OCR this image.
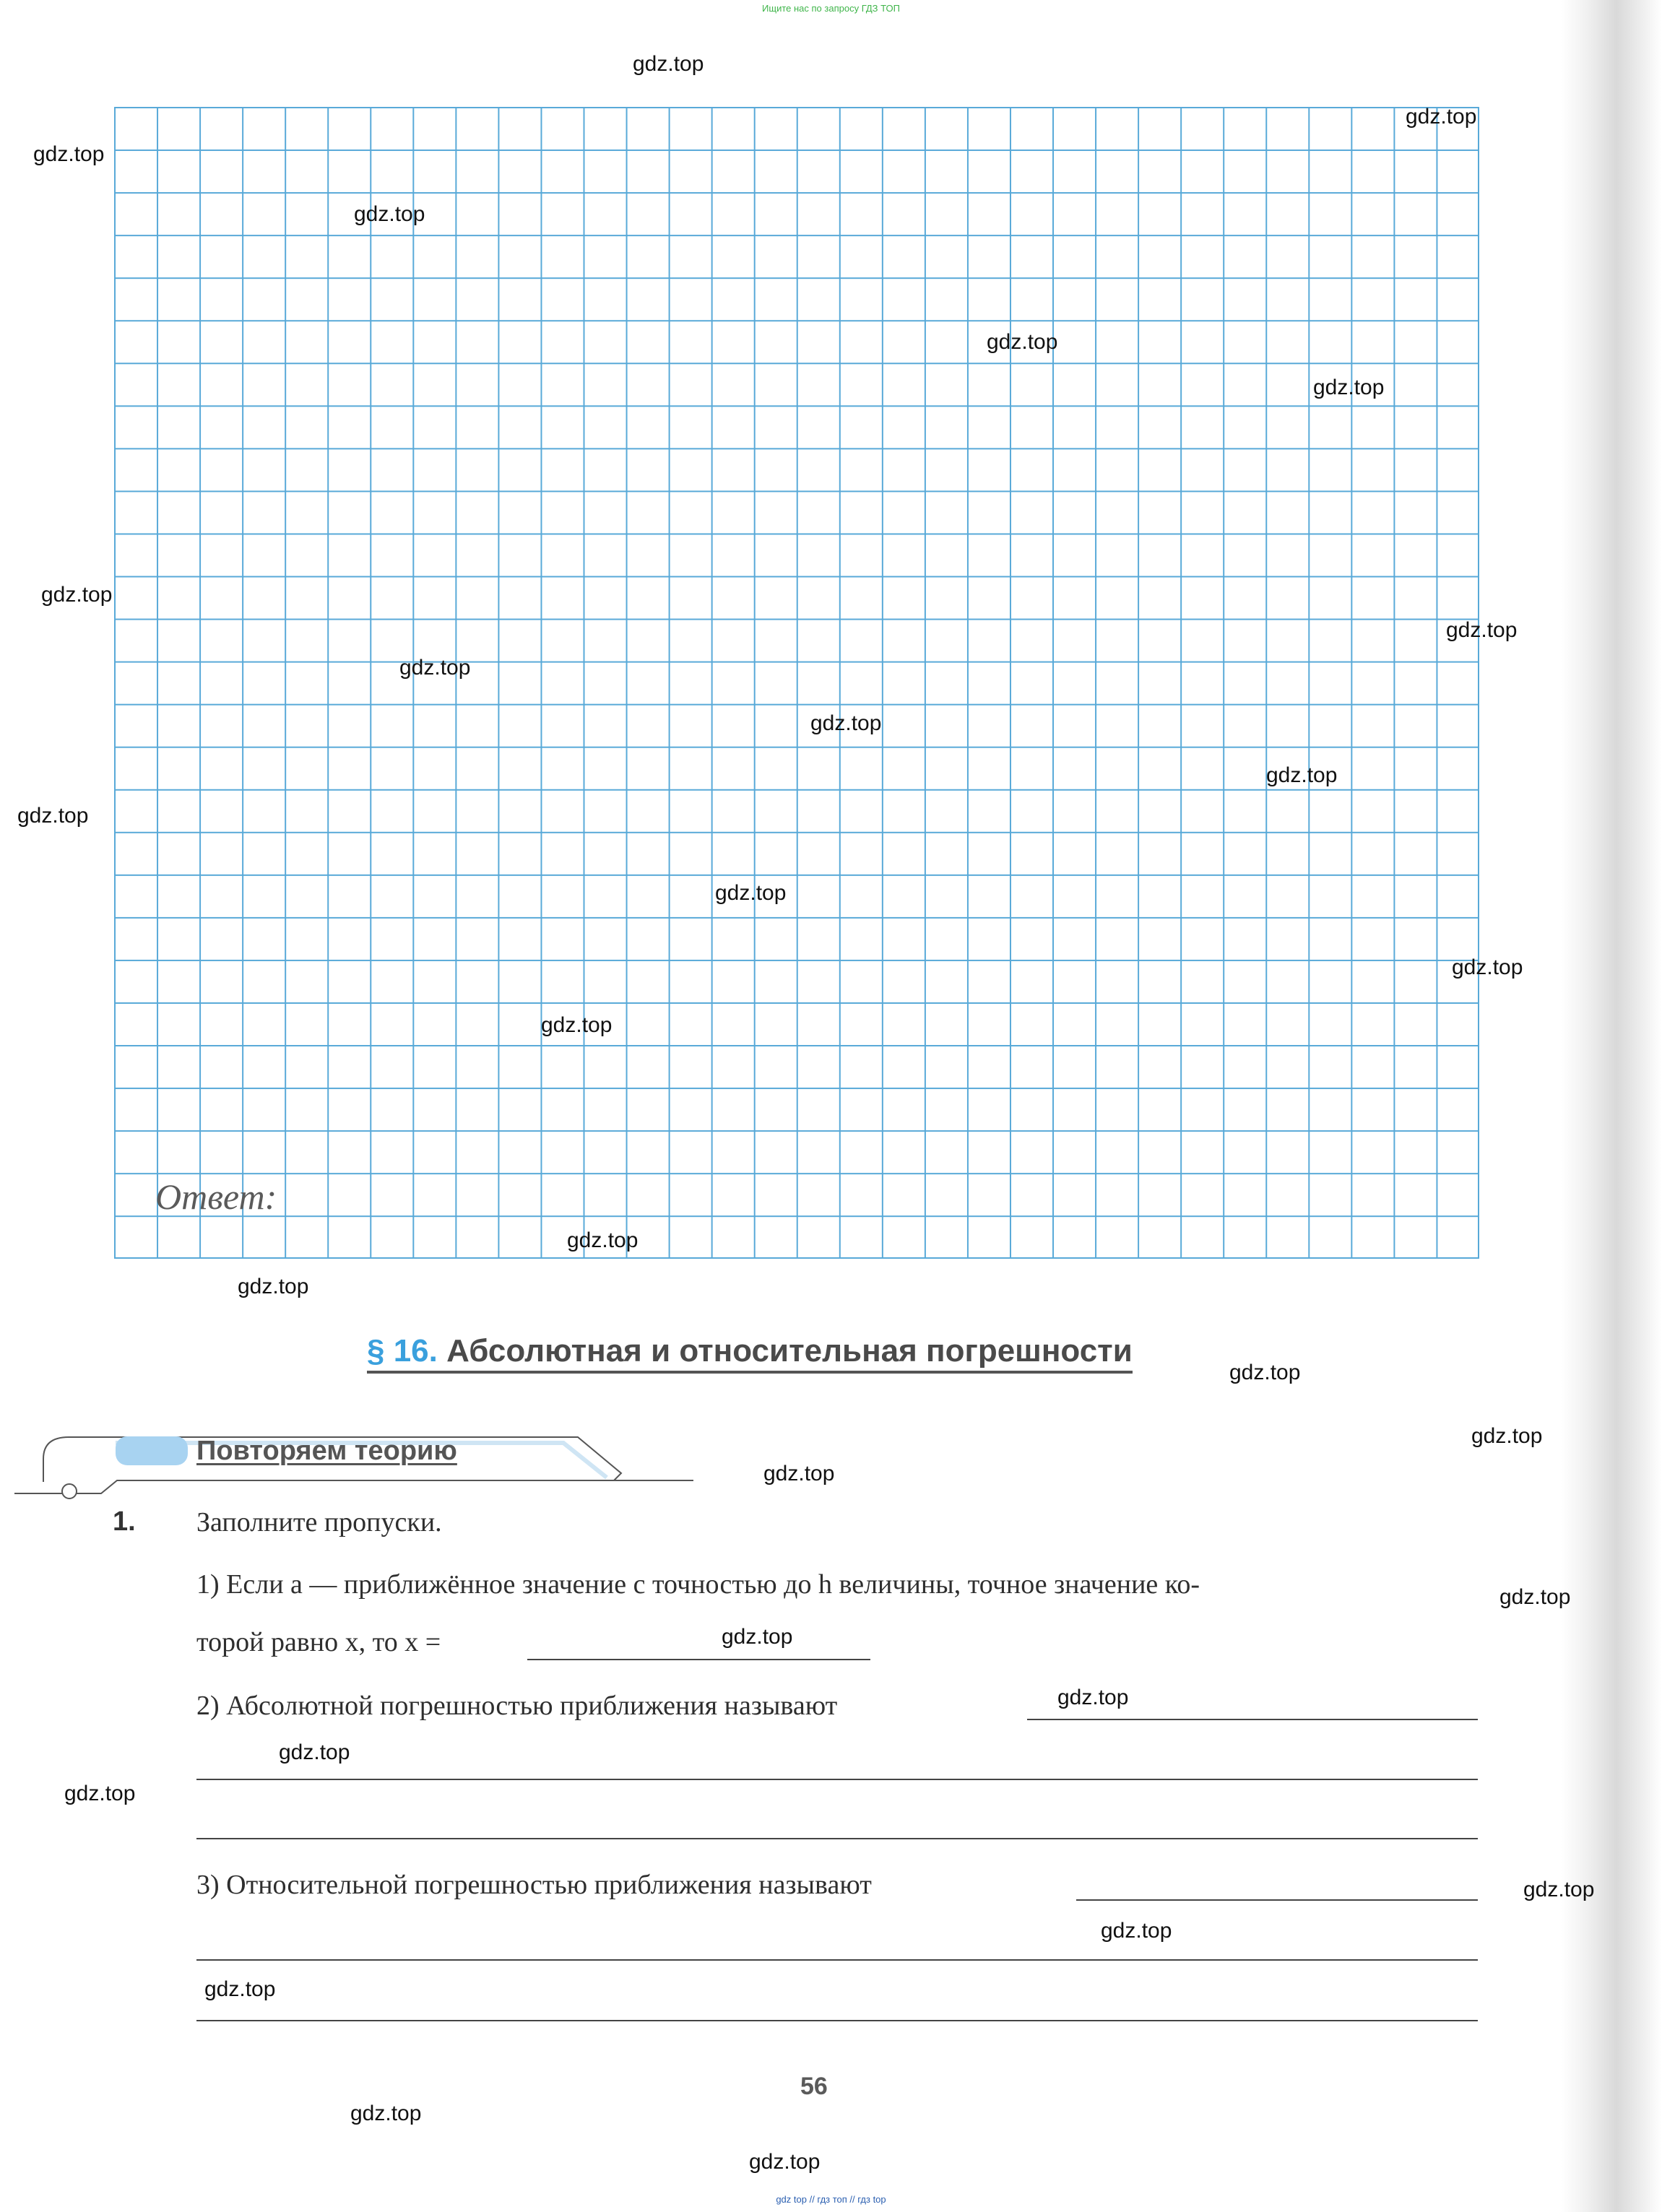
Ищите нас по запросу ГДЗ ТОП
Ответ:
§ 16. Абсолютная и относительная погрешности
Повторяем теорию
1. Заполните пропуски.
1) Если a — приближённое значение с точностью до h величины, точное значение ко-
торой равно x, то x =
2) Абсолютной погрешностью приближения называют
3) Относительной погрешностью приближения называют
56
gdz.top
gdz.top
gdz.top
gdz.top
gdz.top
gdz.top
gdz.top
gdz.top
gdz.top
gdz.top
gdz.top
gdz.top
gdz.top
gdz.top
gdz.top
gdz.top
gdz.top
gdz.top
gdz.top
gdz.top
gdz.top
gdz.top
gdz.top
gdz.top
gdz.top
gdz.top
gdz.top
gdz.top
gdz.top
gdz.top
gdz top // гдз топ // гдз top
